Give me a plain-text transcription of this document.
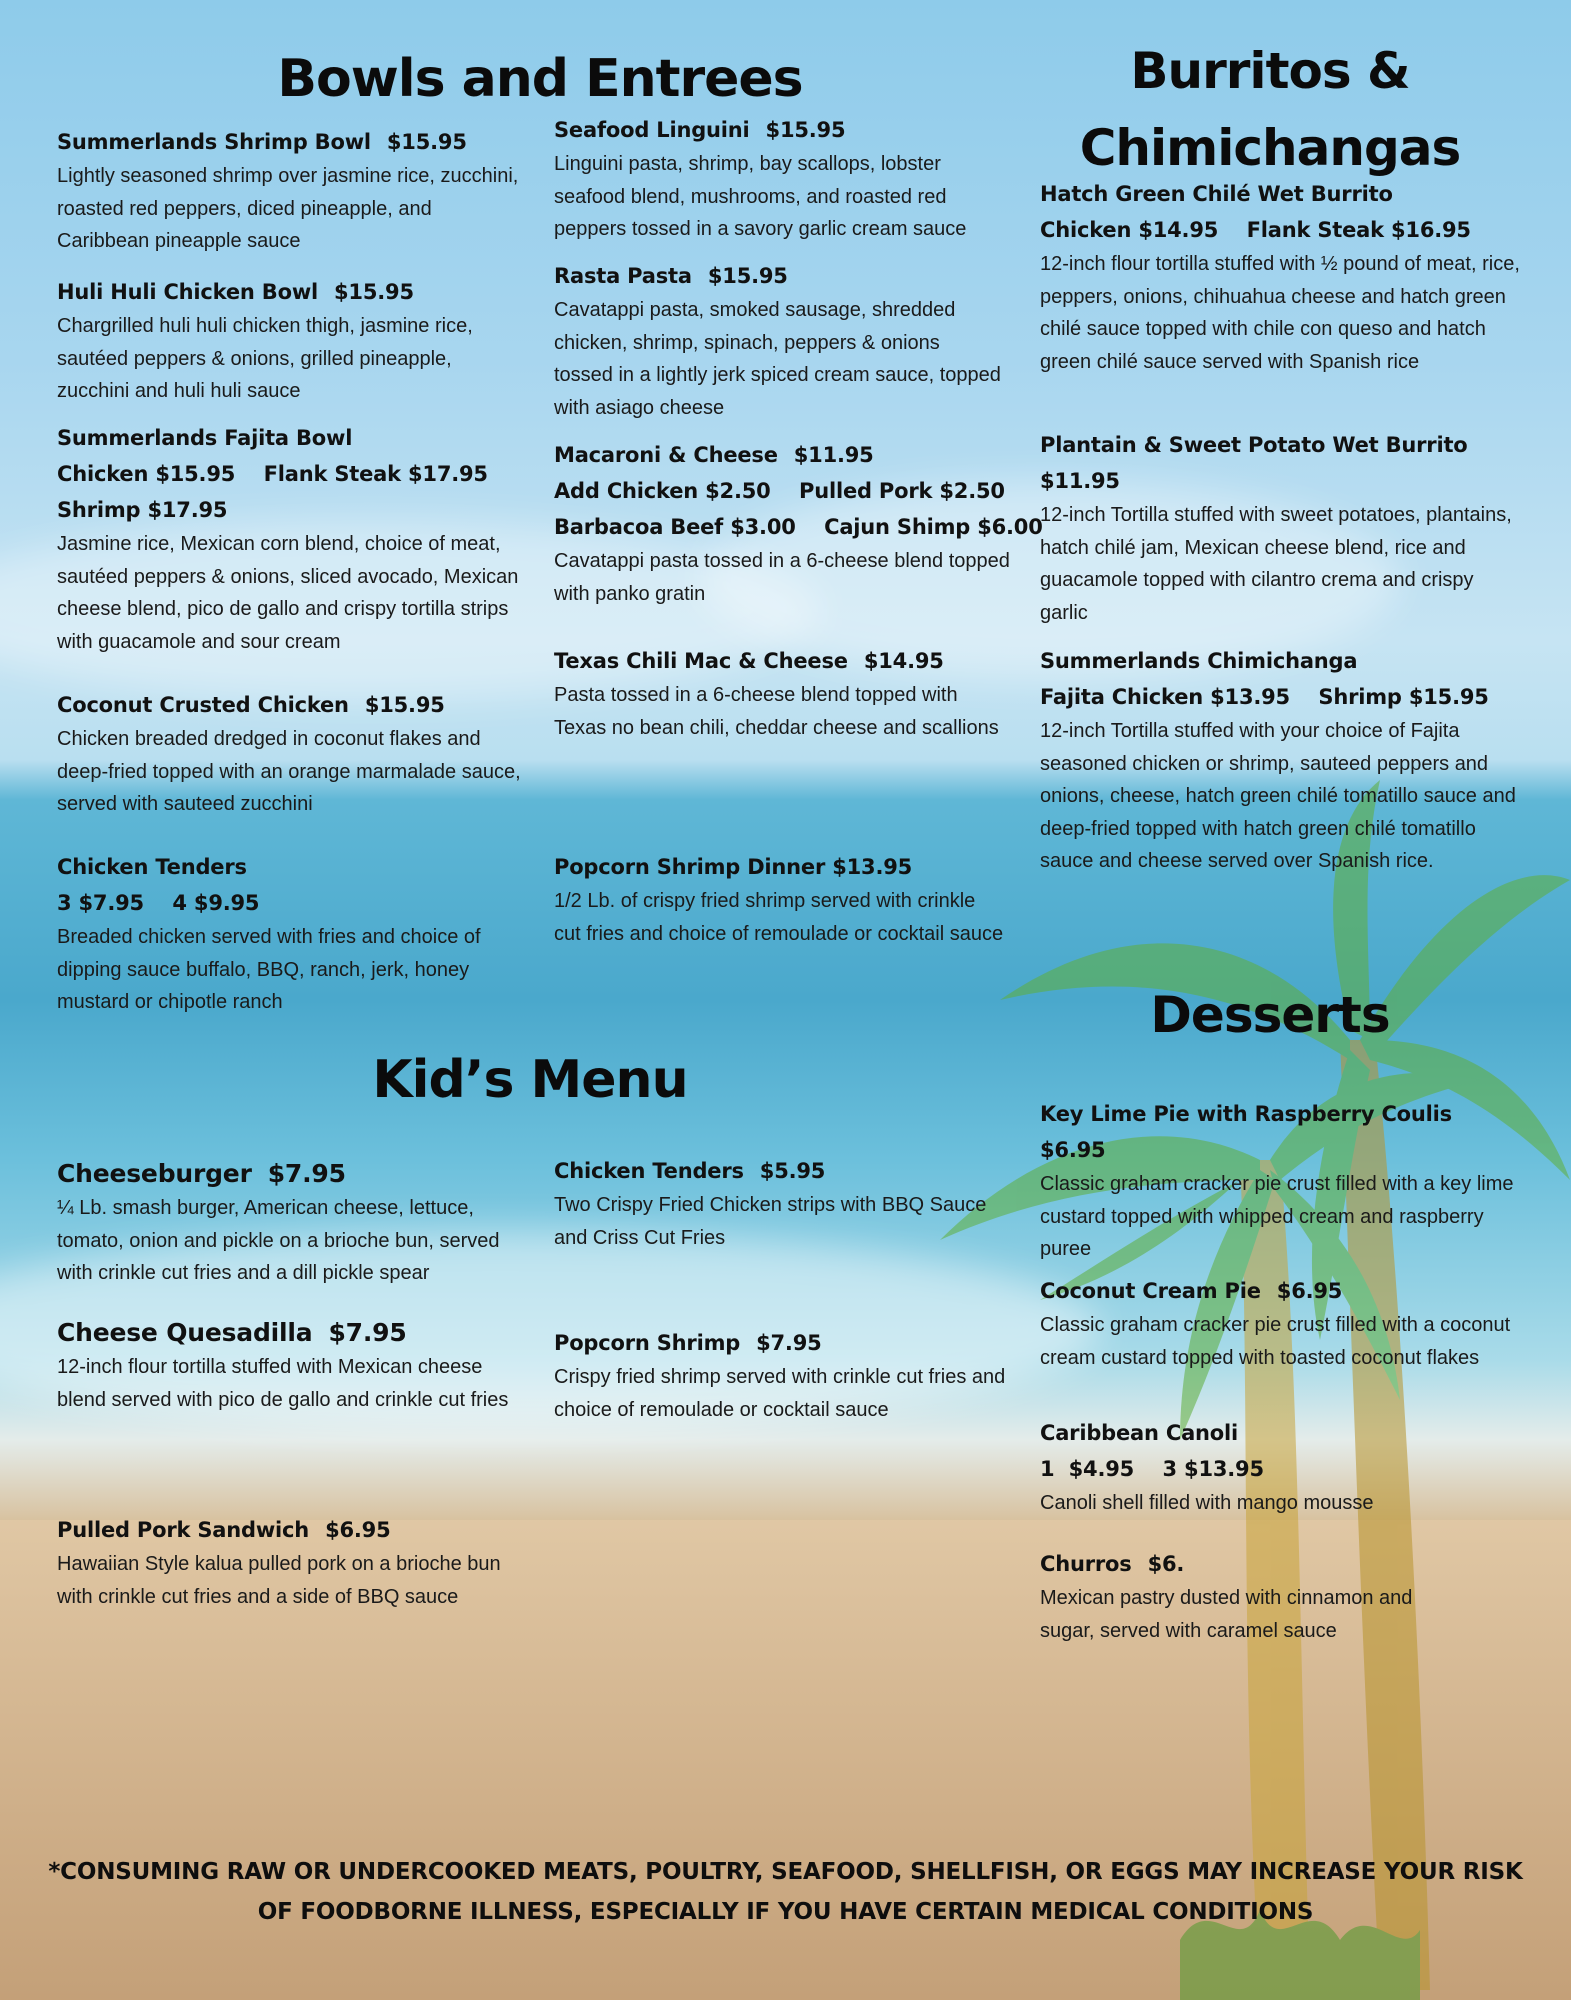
Bowls and Entrees	Burritos &
Chimichangas
Kid’s Menu
Desserts
Summerlands Shrimp Bowl $15.95
Lightly seasoned shrimp over jasmine rice, zucchini, roasted red peppers, diced pineapple, and Caribbean pineapple sauce
Huli Huli Chicken Bowl $15.95
Chargrilled huli huli chicken thigh, jasmine rice, sautéed peppers & onions, grilled pineapple, zucchini and huli huli sauce
Summerlands Fajita Bowl
Chicken $15.95    Flank Steak $17.95
Shrimp $17.95
Jasmine rice, Mexican corn blend, choice of meat, sautéed peppers & onions, sliced avocado, Mexican cheese blend, pico de gallo and crispy tortilla strips with guacamole and sour cream
Coconut Crusted Chicken $15.95
Chicken breaded dredged in coconut flakes and deep-fried topped with an orange marmalade sauce, served with sauteed zucchini
Chicken Tenders
3 $7.95    4 $9.95
Breaded chicken served with fries and choice of dipping sauce buffalo, BBQ, ranch, jerk, honey mustard or chipotle ranch
Seafood Linguini $15.95
Linguini pasta, shrimp, bay scallops, lobster seafood blend, mushrooms, and roasted red peppers tossed in a savory garlic cream sauce
Rasta Pasta $15.95
Cavatappi pasta, smoked sausage, shredded chicken, shrimp, spinach, peppers & onions tossed in a lightly jerk spiced cream sauce, topped with asiago cheese
Macaroni & Cheese $11.95
Add Chicken $2.50    Pulled Pork $2.50
Barbacoa Beef $3.00    Cajun Shimp $6.00
Cavatappi pasta tossed in a 6-cheese blend topped with panko gratin
Texas Chili Mac & Cheese $14.95
Pasta tossed in a 6-cheese blend topped with Texas no bean chili, cheddar cheese and scallions
Popcorn Shrimp Dinner $13.95
1/2 Lb. of crispy fried shrimp served with crinkle cut fries and choice of remoulade or cocktail sauce
Hatch Green Chilé Wet Burrito
Chicken $14.95    Flank Steak $16.95
12-inch flour tortilla stuffed with ½ pound of meat, rice, peppers, onions, chihuahua cheese and hatch green chilé sauce topped with chile con queso and hatch green chilé sauce served with Spanish rice
Plantain & Sweet Potato Wet Burrito
$11.95
12-inch Tortilla stuffed with sweet potatoes, plantains, hatch chilé jam, Mexican cheese blend, rice and guacamole topped with cilantro crema and crispy garlic
Summerlands Chimichanga
Fajita Chicken $13.95    Shrimp $15.95
12-inch Tortilla stuffed with your choice of Fajita seasoned chicken or shrimp, sauteed peppers and onions, cheese, hatch green chilé tomatillo sauce and deep-fried topped with hatch green chilé tomatillo sauce and cheese served over Spanish rice.
Cheeseburger $7.95
¼ Lb. smash burger, American cheese, lettuce, tomato, onion and pickle on a brioche bun, served with crinkle cut fries and a dill pickle spear
Cheese Quesadilla $7.95
12-inch flour tortilla stuffed with Mexican cheese blend served with pico de gallo and crinkle cut fries
Pulled Pork Sandwich $6.95
Hawaiian Style kalua pulled pork on a brioche bun with crinkle cut fries and a side of BBQ sauce
Chicken Tenders $5.95
Two Crispy Fried Chicken strips with BBQ Sauce and Criss Cut Fries
Popcorn Shrimp $7.95
Crispy fried shrimp served with crinkle cut fries and choice of remoulade or cocktail sauce
Key Lime Pie with Raspberry Coulis
$6.95
Classic graham cracker pie crust filled with a key lime custard topped with whipped cream and raspberry puree
Coconut Cream Pie $6.95
Classic graham cracker pie crust filled with a coconut cream custard topped with toasted coconut flakes
Caribbean Canoli
1  $4.95    3 $13.95
Canoli shell filled with mango mousse
Churros $6.
Mexican pastry dusted with cinnamon and sugar, served with caramel sauce
*CONSUMING RAW OR UNDERCOOKED MEATS, POULTRY, SEAFOOD, SHELLFISH, OR EGGS MAY INCREASE YOUR RISK
OF FOODBORNE ILLNESS, ESPECIALLY IF YOU HAVE CERTAIN MEDICAL CONDITIONS
